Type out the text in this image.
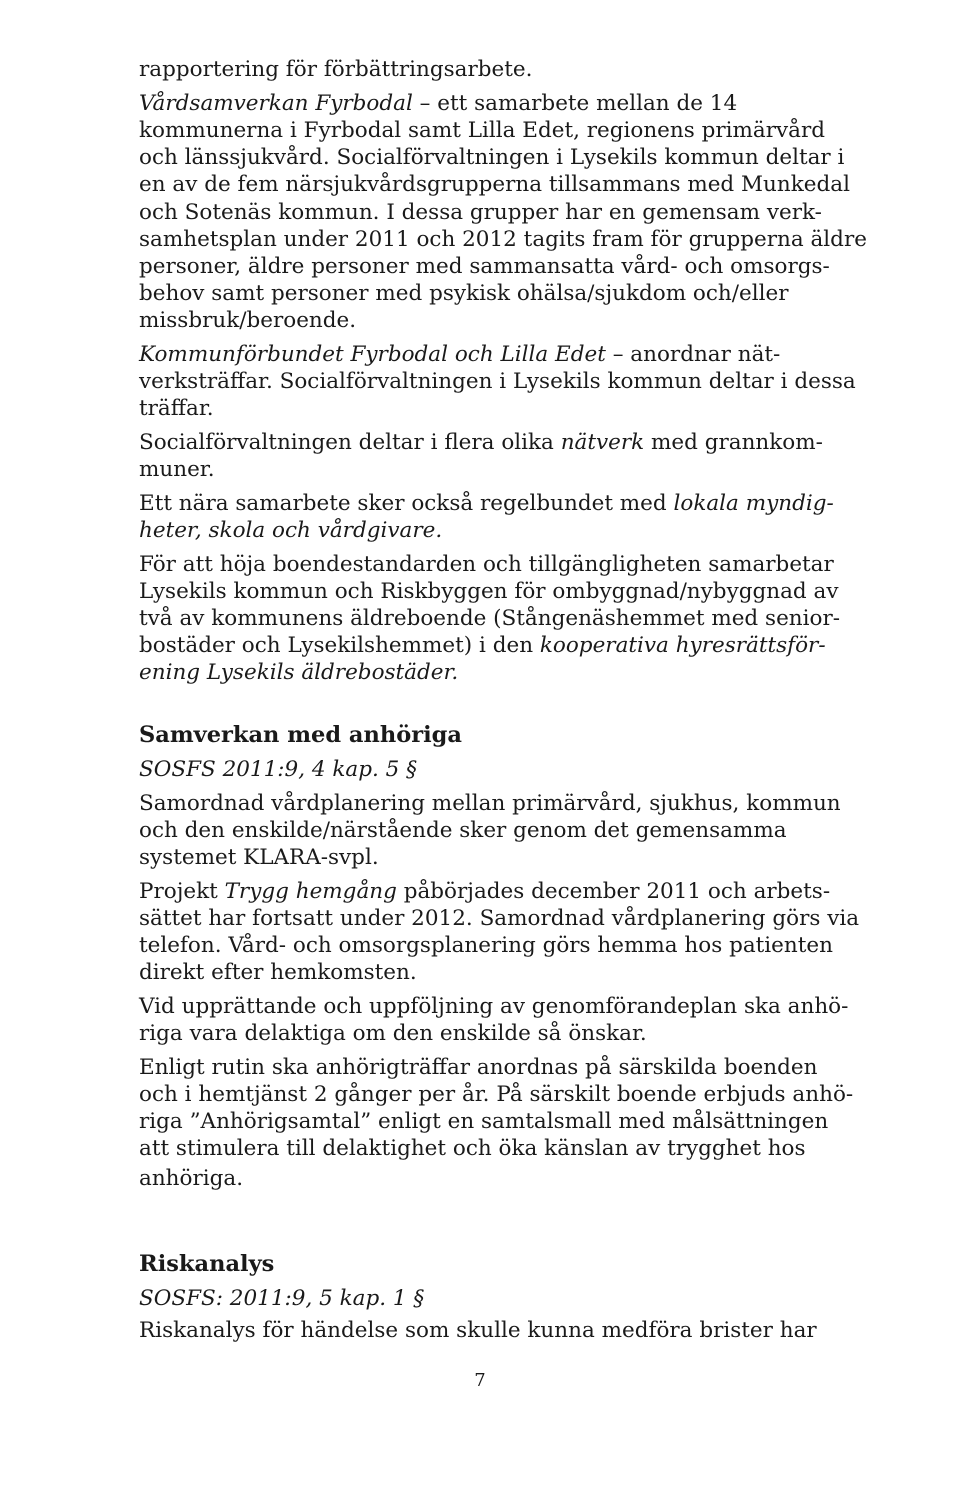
rapportering för förbättringsarbete.
Vårdsamverkan Fyrbodal – ett samarbete mellan de 14
kommunerna i Fyrbodal samt Lilla Edet, regionens primärvård
och länssjukvård. Socialförvaltningen i Lysekils kommun deltar i
en av de fem närsjukvårdsgrupperna tillsammans med Munkedal
och Sotenäs kommun. I dessa grupper har en gemensam verk-
samhetsplan under 2011 och 2012 tagits fram för grupperna äldre
personer, äldre personer med sammansatta vård- och omsorgs-
behov samt personer med psykisk ohälsa/sjukdom och/eller
missbruk/beroende.
Kommunförbundet Fyrbodal och Lilla Edet – anordnar nät-
verksträffar. Socialförvaltningen i Lysekils kommun deltar i dessa
träffar.
Socialförvaltningen deltar i flera olika nätverk med grannkom-
muner.
Ett nära samarbete sker också regelbundet med lokala myndig-
heter, skola och vårdgivare.
För att höja boendestandarden och tillgängligheten samarbetar
Lysekils kommun och Riskbyggen för ombyggnad/nybyggnad av
två av kommunens äldreboende (Stångenäshemmet med senior-
bostäder och Lysekilshemmet) i den kooperativa hyresrättsför-
ening Lysekils äldrebostäder.
Samverkan med anhöriga
SOSFS 2011:9, 4 kap. 5 §
Samordnad vårdplanering mellan primärvård, sjukhus, kommun
och den enskilde/närstående sker genom det gemensamma
systemet KLARA-svpl.
Projekt Trygg hemgång påbörjades december 2011 och arbets-
sättet har fortsatt under 2012. Samordnad vårdplanering görs via
telefon. Vård- och omsorgsplanering görs hemma hos patienten
direkt efter hemkomsten.
Vid upprättande och uppföljning av genomförandeplan ska anhö-
riga vara delaktiga om den enskilde så önskar.
Enligt rutin ska anhörigträffar anordnas på särskilda boenden
och i hemtjänst 2 gånger per år. På särskilt boende erbjuds anhö-
riga ”Anhörigsamtal” enligt en samtalsmall med målsättningen
att stimulera till delaktighet och öka känslan av trygghet hos
anhöriga.
Riskanalys
SOSFS: 2011:9, 5 kap. 1 §
Riskanalys för händelse som skulle kunna medföra brister har
7
